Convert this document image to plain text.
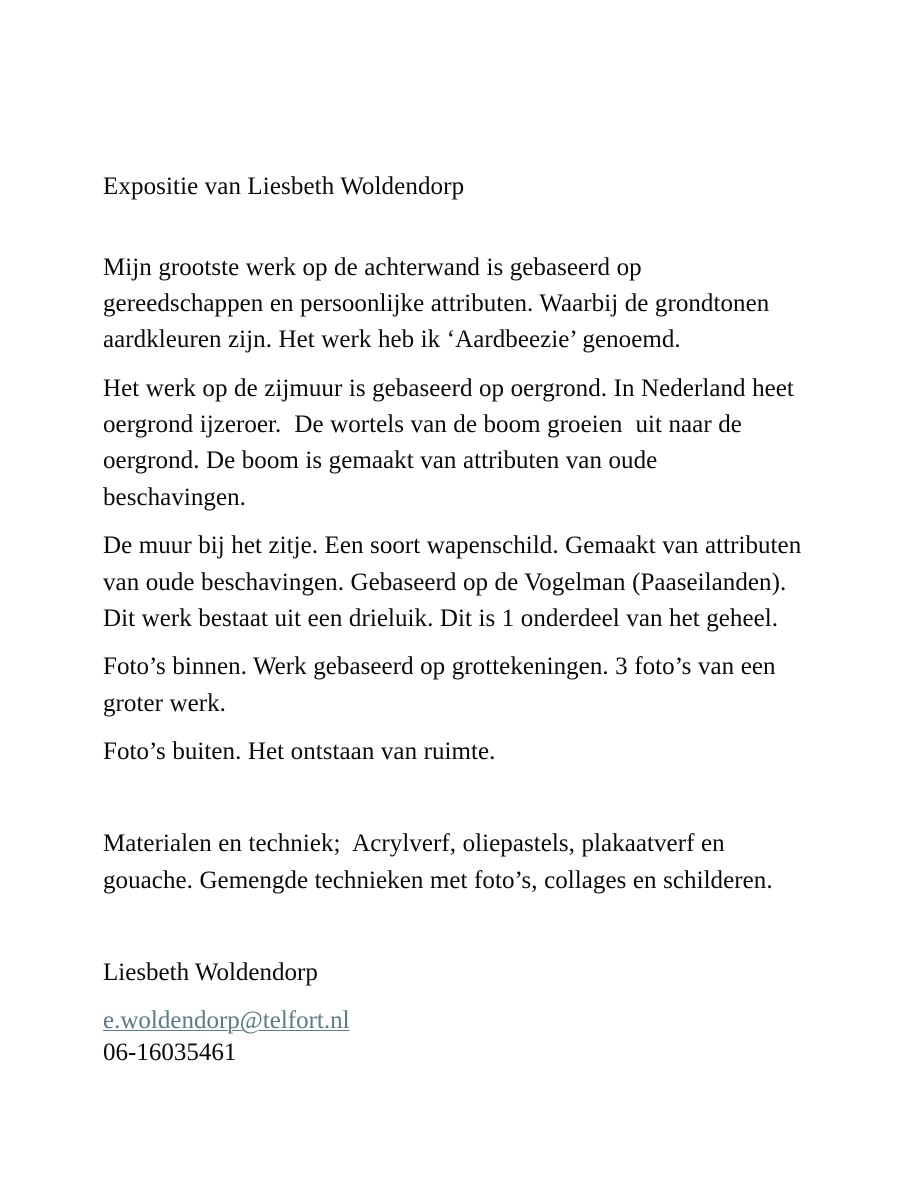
Expositie van Liesbeth Woldendorp

Mijn grootste werk op de achterwand is gebaseerd op gereedschappen en persoonlijke attributen. Waarbij de grondtonen aardkleuren zijn. Het werk heb ik ‘Aardbeezie’ genoemd.

Het werk op de zijmuur is gebaseerd op oergrond. In Nederland heet oergrond ijzeroer.  De wortels van de boom groeien  uit naar de oergrond. De boom is gemaakt van attributen van oude beschavingen.

De muur bij het zitje. Een soort wapenschild. Gemaakt van attributen van oude beschavingen. Gebaseerd op de Vogelman (Paaseilanden).  Dit werk bestaat uit een drieluik. Dit is 1 onderdeel van het geheel.

Foto’s binnen. Werk gebaseerd op grottekeningen. 3 foto’s van een groter werk.

Foto’s buiten. Het ontstaan van ruimte.

Materialen en techniek;  Acrylverf, oliepastels, plakaatverf en gouache. Gemengde technieken met foto’s, collages en schilderen.

Liesbeth Woldendorp

e.woldendorp@telfort.nl

06-16035461
